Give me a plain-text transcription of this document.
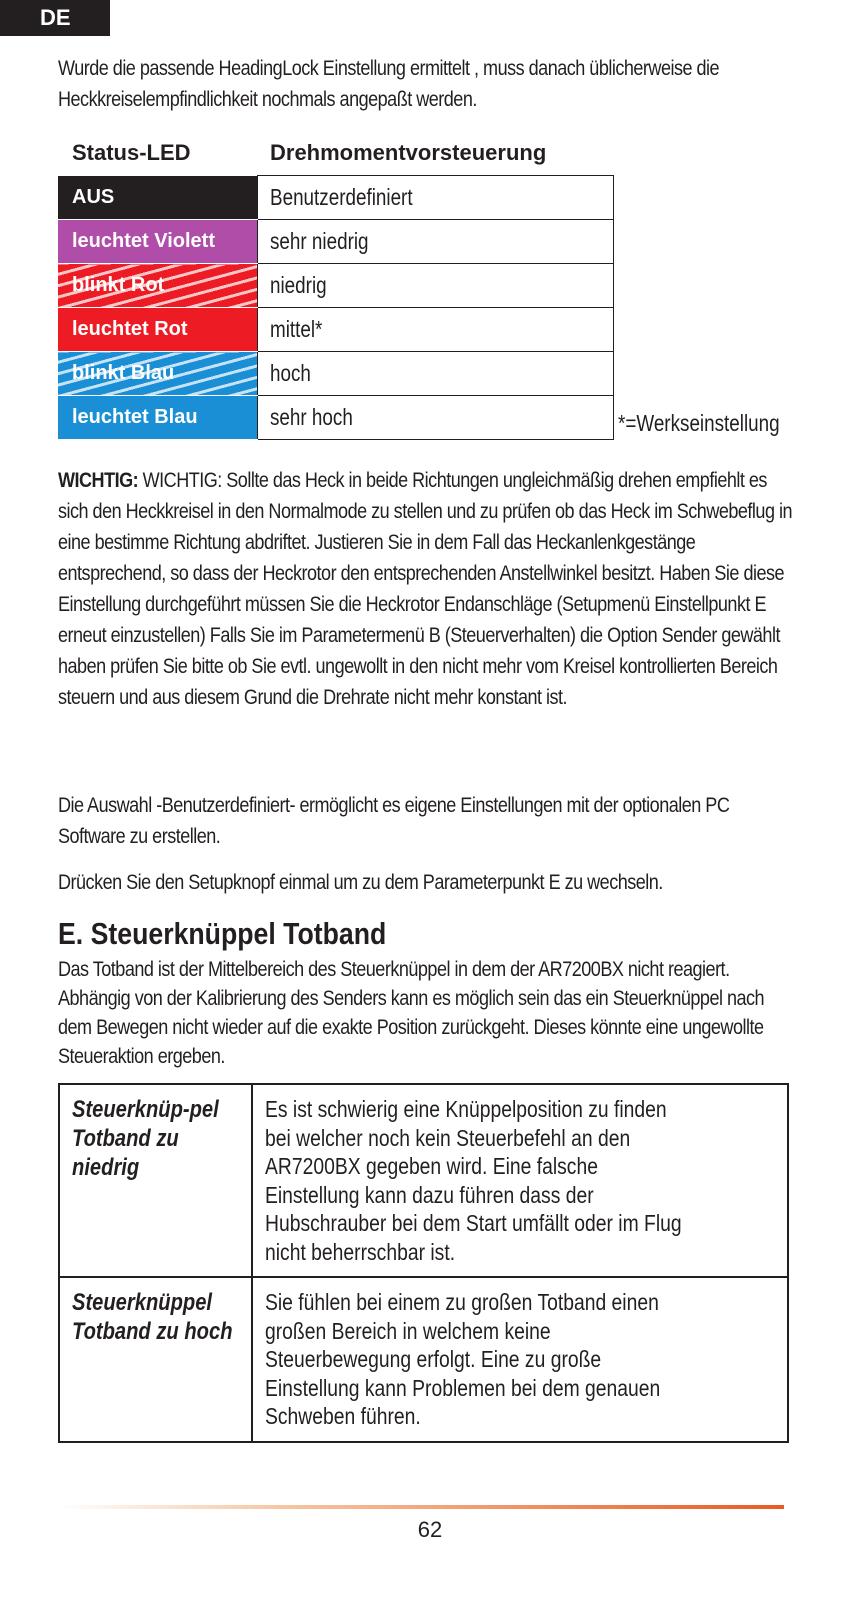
DE
Wurde die passende HeadingLock Einstellung ermittelt , muss danach üblicherweise die Heckkreiselempfindlichkeit nochmals angepaßt werden.
Status-LED	Drehmomentvorsteuerung
AUS	Benutzerdefiniert
leuchtet Violett	sehr niedrig
blinkt Rot	niedrig
leuchtet Rot	mittel*
blinkt Blau	hoch
leuchtet Blau	sehr hoch	*=Werkseinstellung
WICHTIG: WICHTIG: Sollte das Heck in beide Richtungen ungleichmäßig drehen empfiehlt es sich den Heckkreisel in den Normalmode zu stellen und zu prüfen ob das Heck im Schwebeflug in eine bestimme Richtung abdriftet. Justieren Sie in dem Fall das Heckanlenkgestänge entsprechend, so dass der Heckrotor den entsprechenden Anstellwinkel besitzt. Haben Sie diese Einstellung durchgeführt müssen Sie die Heckrotor Endanschläge (Setupmenü Einstellpunkt E erneut einzustellen) Falls Sie im Parametermenü B (Steuerverhalten) die Option Sender gewählt haben prüfen Sie bitte ob Sie evtl. ungewollt in den nicht mehr vom Kreisel kontrollierten Bereich steuern und aus diesem Grund die Drehrate nicht mehr konstant ist.
Die Auswahl -Benutzerdefiniert- ermöglicht es eigene Einstellungen mit der optionalen PC Software zu erstellen.
Drücken Sie den Setupknopf einmal um zu dem Parameterpunkt E zu wechseln.
E. Steuerknüppel Totband
Das Totband ist der Mittelbereich des Steuerknüppel in dem der AR7200BX nicht reagiert. Abhängig von der Kalibrierung des Senders kann es möglich sein das ein Steuerknüppel nach dem Bewegen nicht wieder auf die exakte Position zurückgeht. Dieses könnte eine ungewollte Steueraktion ergeben.
Steuerknüp-pel Totband zu niedrig	Es ist schwierig eine Knüppelposition zu finden bei welcher noch kein Steuerbefehl an den AR7200BX gegeben wird. Eine falsche Einstellung kann dazu führen dass der Hubschrauber bei dem Start umfällt oder im Flug nicht beherrschbar ist.
Steuerknüppel Totband zu hoch	Sie fühlen bei einem zu großen Totband einen großen Bereich in welchem keine Steuerbewegung erfolgt. Eine zu große Einstellung kann Problemen bei dem genauen Schweben führen.
62
